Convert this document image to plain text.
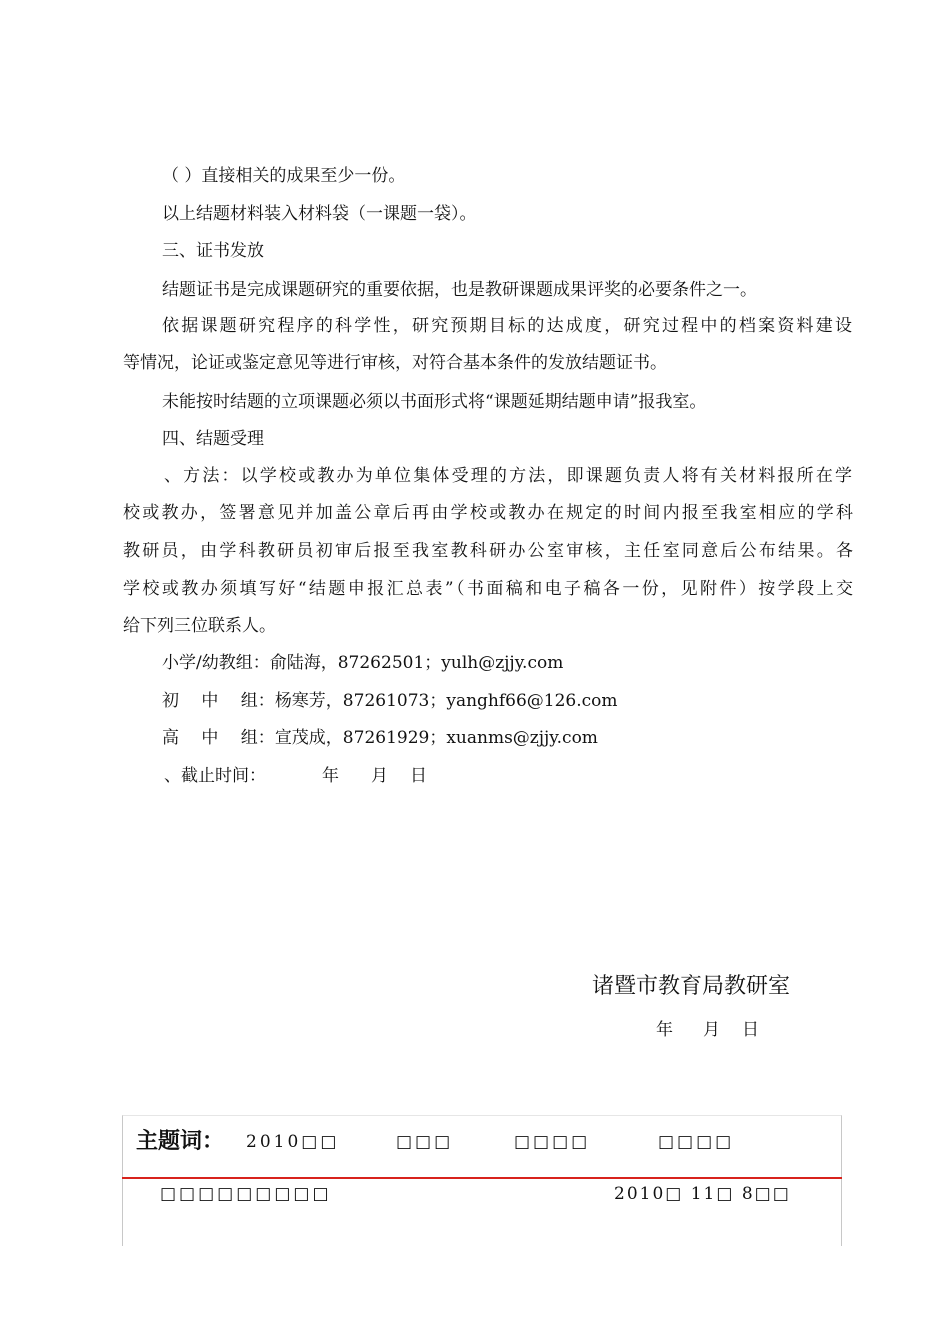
（ ）直接相关的成果至少一份。
以上结题材料装入材料袋（一课题一袋）。
三、证书发放
结题证书是完成课题研究的重要依据，也是教研课题成果评奖的必要条件之一。
依据课题研究程序的科学性，研究预期目标的达成度，研究过程中的档案资料建设
等情况，论证或鉴定意见等进行审核，对符合基本条件的发放结题证书。
未能按时结题的立项课题必须以书面形式将“课题延期结题申请”报我室。
四、结题受理
、方法：以学校或教办为单位集体受理的方法，即课题负责人将有关材料报所在学
校或教办，签署意见并加盖公章后再由学校或教办在规定的时间内报至我室相应的学科
教研员，由学科教研员初审后报至我室教科研办公室审核，主任室同意后公布结果。各
学校或教办须填写好“结题申报汇总表”（书面稿和电子稿各一份，见附件）按学段上交
给下列三位联系人。
小学/幼教组：俞陆海，87262501；yulh@zjjy.com
初　 中　 组：杨寒芳，87261073；yanghf66@126.com
高　 中　 组：宣茂成，87261929；xuanms@zjjy.com
、截止时间：	年 月 日
诸暨市教育局教研室
年 月 日
主题词： 2010□□	□□□	□□□□	□□□□
□□□□□□□□□	2010□ 11□ 8□□
